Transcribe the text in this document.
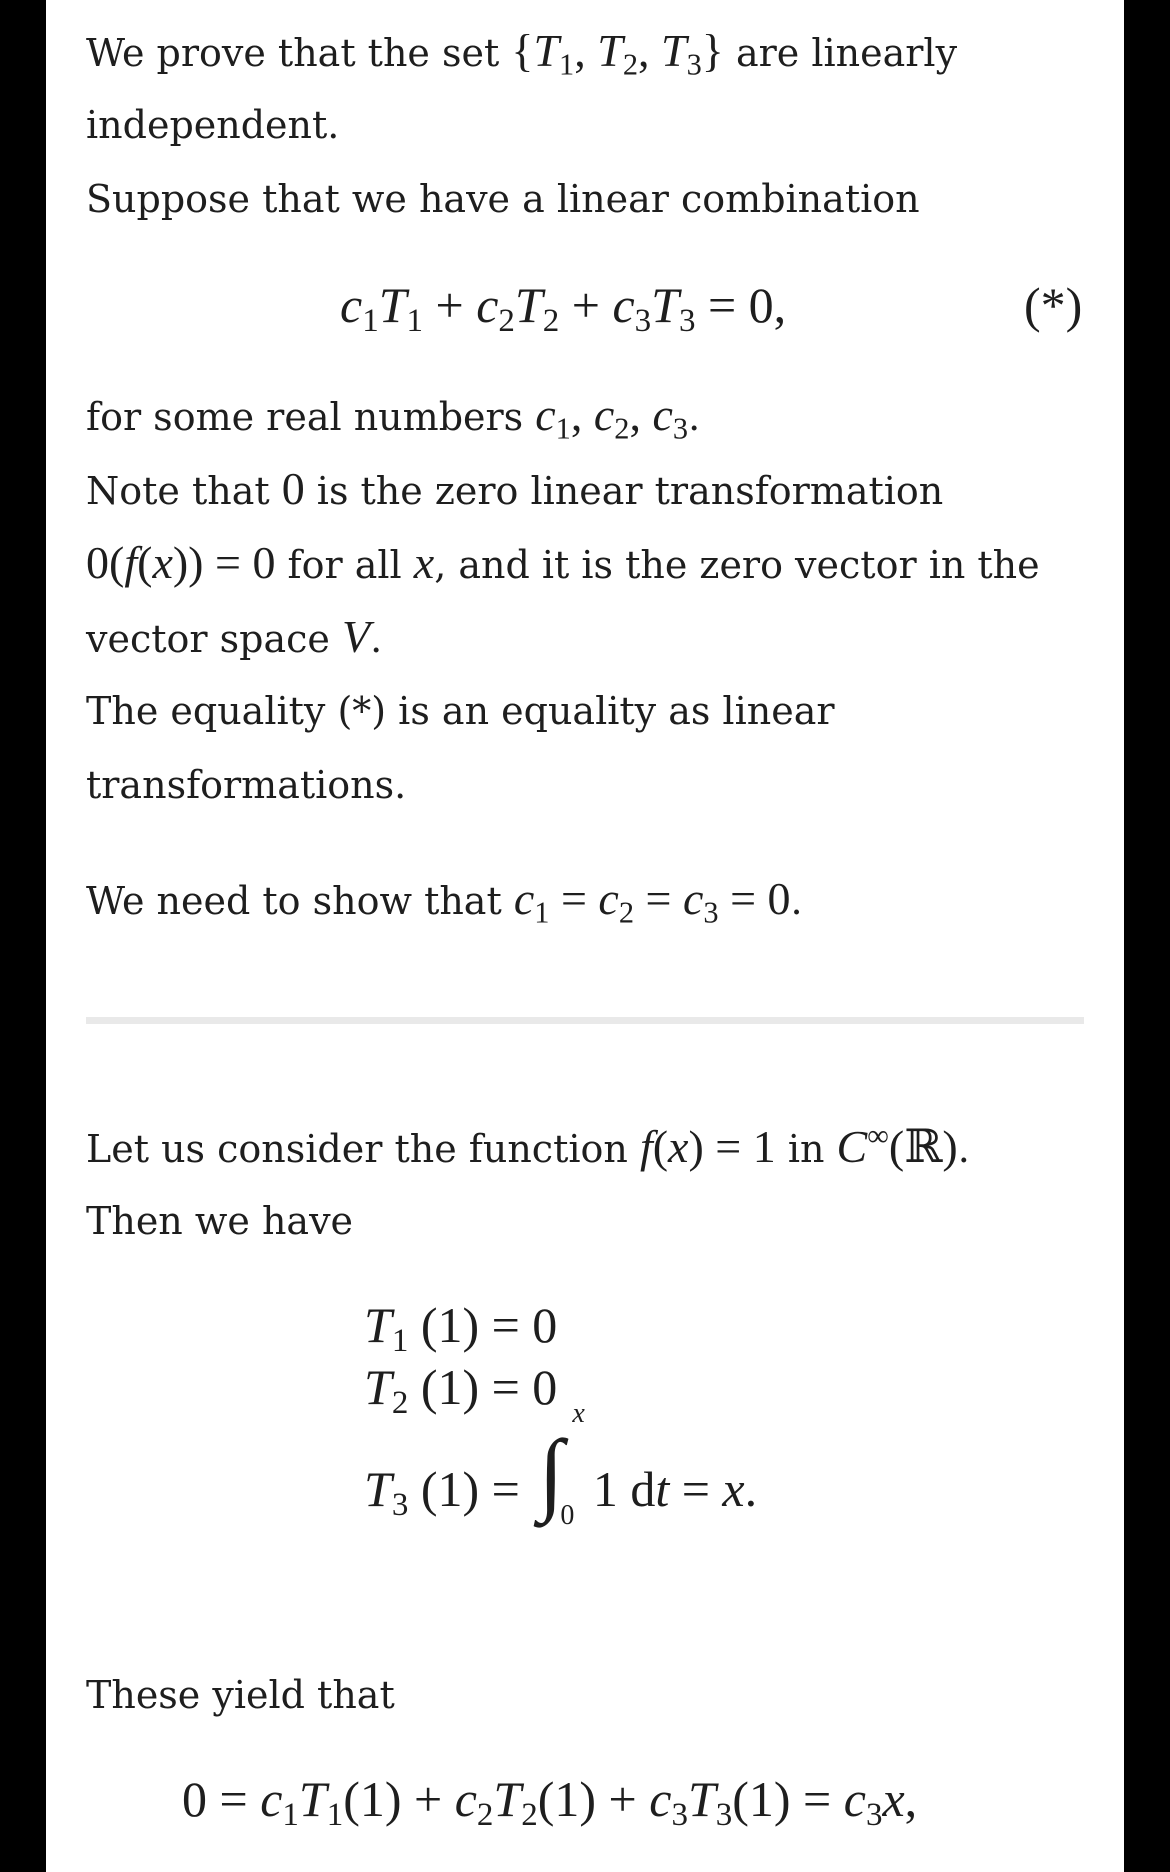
We prove that the set {$T_1$, $T_2$, $T_3$} are linearly
independent.
Suppose that we have a linear combination
$c_1T_1 + c_2T_2 + c_3T_3 = 0$,	(*)
for some real numbers $c_1$, $c_2$, $c_3$.
Note that 0 is the zero linear transformation
0(f(x)) = 0 for all x, and it is the zero vector in the
vector space V.
The equality (*) is an equality as linear
transformations.
We need to show that $c_1 = c_2 = c_3 = 0$.
Let us consider the function f(x) = 1 in C∞(ℝ).
Then we have
$T_1$ (1) = 0
$T_2$ (1) = 0
$T_3$ (1) = ∫
x
0 1 dt = x.
These yield that
$0 = c_1T_1(1) + c_2T_2(1) + c_3T_3(1) = c_3x$,
